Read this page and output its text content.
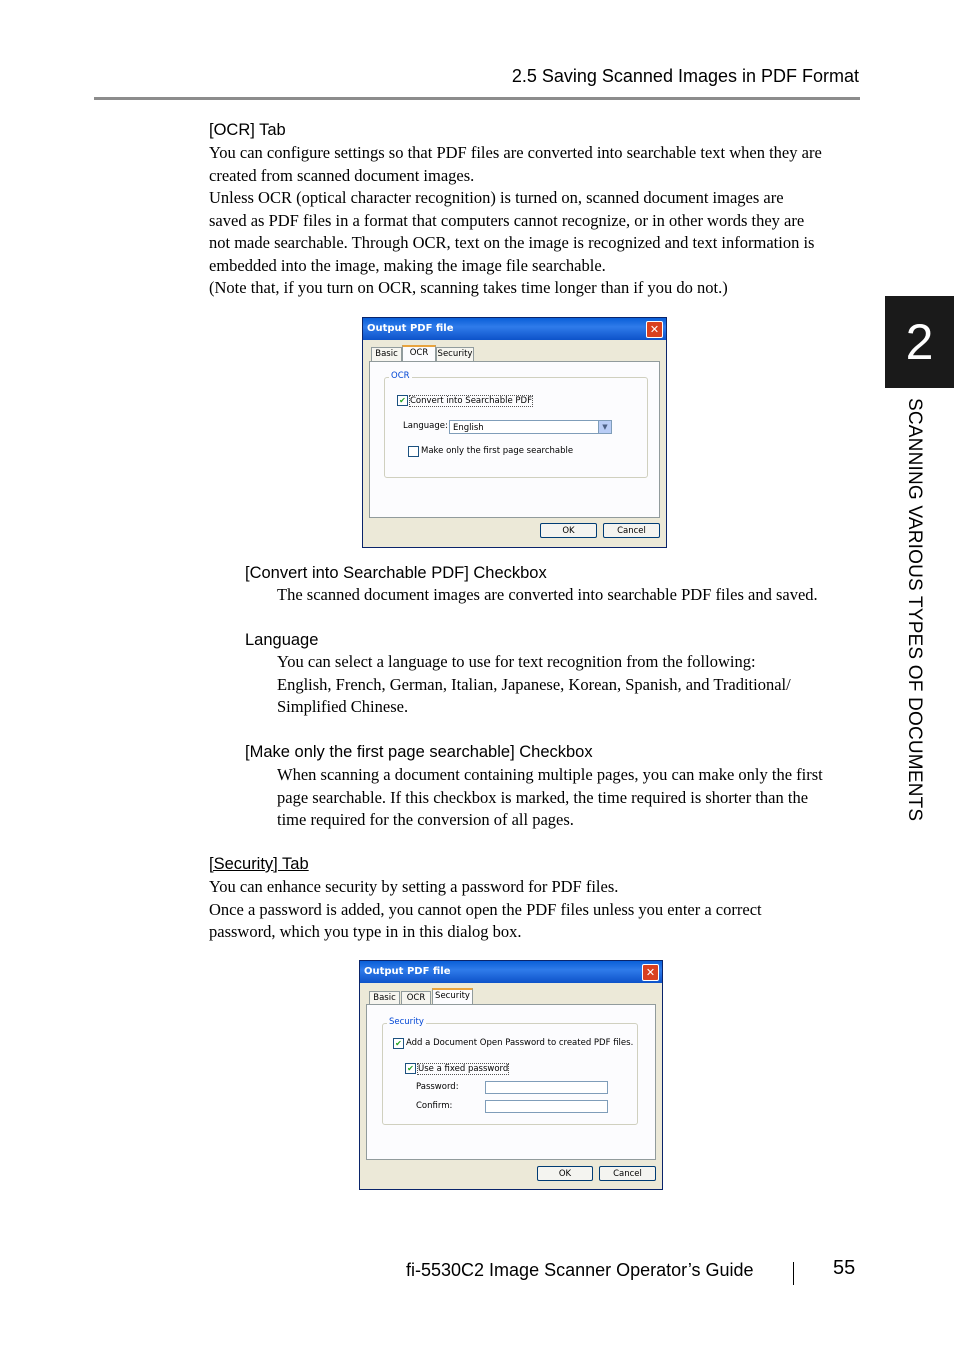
2.5 Saving Scanned Images in PDF Format
2
SCANNING VARIOUS TYPES OF DOCUMENTS
[OCR] Tab
You can configure settings so that PDF files are converted into searchable text when they are
created from scanned document images.
Unless OCR (optical character recognition) is turned on, scanned document images are
saved as PDF files in a format that computers cannot recognize, or in other words they are
not made searchable. Through OCR, text on the image is recognized and text information is
embedded into the image, making the image file searchable.
(Note that, if you turn on OCR, scanning takes time longer than if you do not.)
Output PDF file	✕
Basic	OCR	Security
OCR
✔ Convert into Searchable PDF
Language: English	▼
Make only the first page searchable
OK	Cancel
[Convert into Searchable PDF] Checkbox
The scanned document images are converted into searchable PDF files and saved.
Language
You can select a language to use for text recognition from the following:
English, French, German, Italian, Japanese, Korean, Spanish, and Traditional/
Simplified Chinese.
[Make only the first page searchable] Checkbox
When scanning a document containing multiple pages, you can make only the first
page searchable. If this checkbox is marked, the time required is shorter than the
time required for the conversion of all pages.
[Security] Tab
You can enhance security by setting a password for PDF files.
Once a password is added, you cannot open the PDF files unless you enter a correct
password, which you type in in this dialog box.
Output PDF file	✕
Basic	OCR	Security
Security
✔ Add a Document Open Password to created PDF files.
✔ Use a fixed password
Password:
Confirm:
OK	Cancel
fi-5530C2 Image Scanner Operator’s Guide	55
